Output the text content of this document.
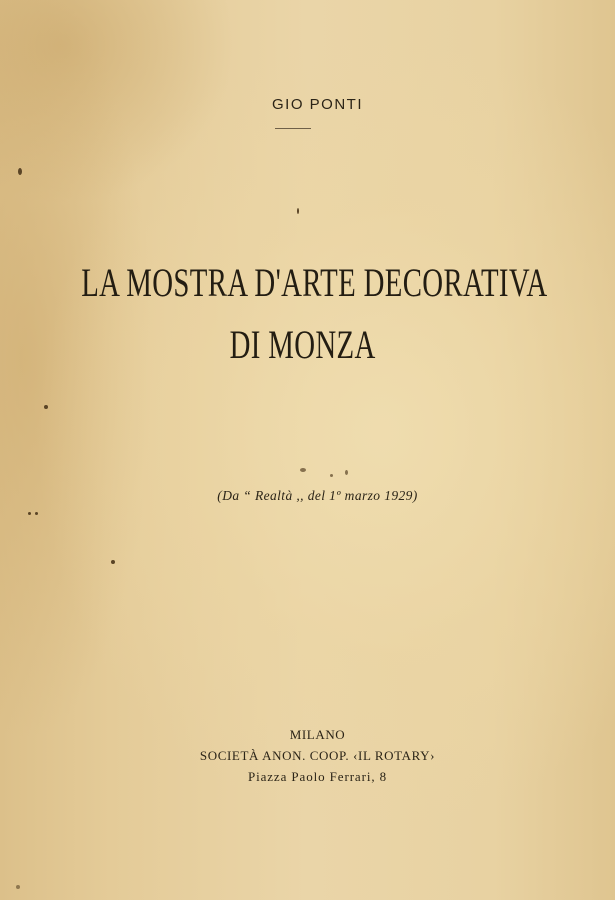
GIO PONTI
LA MOSTRA D'ARTE DECORATIVA
DI MONZA
(Da “ Realtà ,, del 1º marzo 1929)
MILANO
SOCIETÀ ANON. COOP. ‹IL ROTARY›
Piazza Paolo Ferrari, 8
